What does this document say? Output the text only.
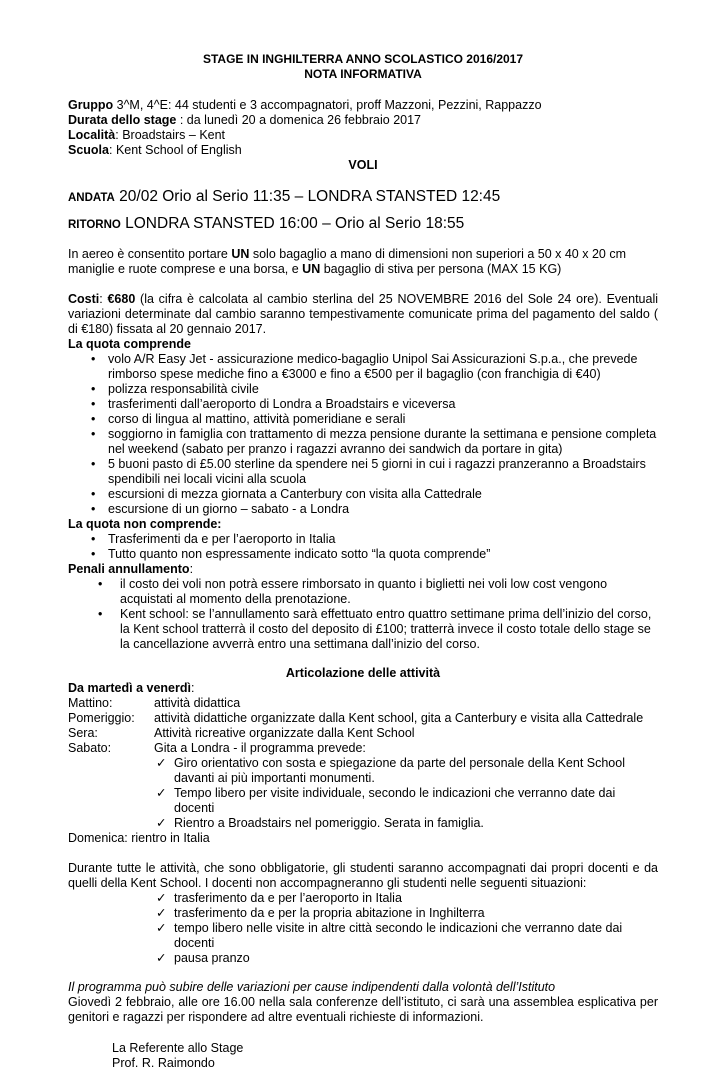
STAGE IN INGHILTERRA ANNO SCOLASTICO 2016/2017
NOTA INFORMATIVA
Gruppo 3^M, 4^E: 44 studenti e 3 accompagnatori, proff Mazzoni, Pezzini, Rappazzo
Durata dello stage : da lunedì 20 a domenica 26 febbraio 2017
Località: Broadstairs – Kent
Scuola: Kent School of English
VOLI
ANDATA 20/02 Orio al Serio 11:35 – LONDRA STANSTED 12:45
RITORNO LONDRA STANSTED 16:00 – Orio al Serio 18:55
In aereo è consentito portare UN solo bagaglio a mano di dimensioni non superiori a 50 x 40 x 20 cm maniglie e ruote comprese e una borsa, e UN bagaglio di stiva per persona (MAX 15 KG)
Costi: €680 (la cifra è calcolata al cambio sterlina del 25 NOVEMBRE 2016 del Sole 24 ore). Eventuali variazioni determinate dal cambio saranno tempestivamente comunicate prima del pagamento del saldo ( di €180) fissata al 20 gennaio 2017.
La quota comprende
• volo A/R Easy Jet - assicurazione medico-bagaglio Unipol Sai Assicurazioni S.p.a., che prevede rimborso spese mediche fino a €3000 e fino a €500 per il bagaglio (con franchigia di €40)
• polizza responsabilità civile
• trasferimenti dall’aeroporto di Londra a Broadstairs e viceversa
• corso di lingua al mattino, attività pomeridiane e serali
• soggiorno in famiglia con trattamento di mezza pensione durante la settimana e pensione completa nel weekend (sabato per pranzo i ragazzi avranno dei sandwich da portare in gita)
• 5 buoni pasto di £5.00 sterline da spendere nei 5 giorni in cui i ragazzi pranzeranno a Broadstairs spendibili nei locali vicini alla scuola
• escursioni di mezza giornata a Canterbury con visita alla Cattedrale
• escursione di un giorno – sabato - a Londra
La quota non comprende:
• Trasferimenti da e per l’aeroporto in Italia
• Tutto quanto non espressamente indicato sotto “la quota comprende”
Penali annullamento:
• il costo dei voli non potrà essere rimborsato in quanto i biglietti nei voli low cost vengono acquistati al momento della prenotazione.
• Kent school: se l’annullamento sarà effettuato entro quattro settimane prima dell’inizio del corso, la Kent school tratterrà il costo del deposito di £100; tratterrà invece il costo totale dello stage se la cancellazione avverrà entro una settimana dall’inizio del corso.
Articolazione delle attività
Da martedì a venerdì:
Mattino:	attività didattica
Pomeriggio:	attività didattiche organizzate dalla Kent school, gita a Canterbury e visita alla Cattedrale
Sera:	Attività ricreative organizzate dalla Kent School
Sabato:	Gita a Londra - il programma prevede:
✓ Giro orientativo con sosta e spiegazione da parte del personale della Kent School davanti ai più importanti monumenti.
✓ Tempo libero per visite individuale, secondo le indicazioni che verranno date dai docenti
✓ Rientro a Broadstairs nel pomeriggio. Serata in famiglia.
Domenica: rientro in Italia
Durante tutte le attività, che sono obbligatorie, gli studenti saranno accompagnati dai propri docenti e da quelli della Kent School. I docenti non accompagneranno gli studenti nelle seguenti situazioni:
✓ trasferimento da e per l’aeroporto in Italia
✓ trasferimento da e per la propria abitazione in Inghilterra
✓ tempo libero nelle visite in altre città secondo le indicazioni che verranno date dai docenti
✓ pausa pranzo
Il programma può subire delle variazioni per cause indipendenti dalla volontà dell’Istituto
Giovedì 2 febbraio, alle ore 16.00 nella sala conferenze dell’istituto, ci sarà una assemblea esplicativa per genitori e ragazzi per rispondere ad altre eventuali richieste di informazioni.
La Referente allo Stage
Prof. R. Raimondo
